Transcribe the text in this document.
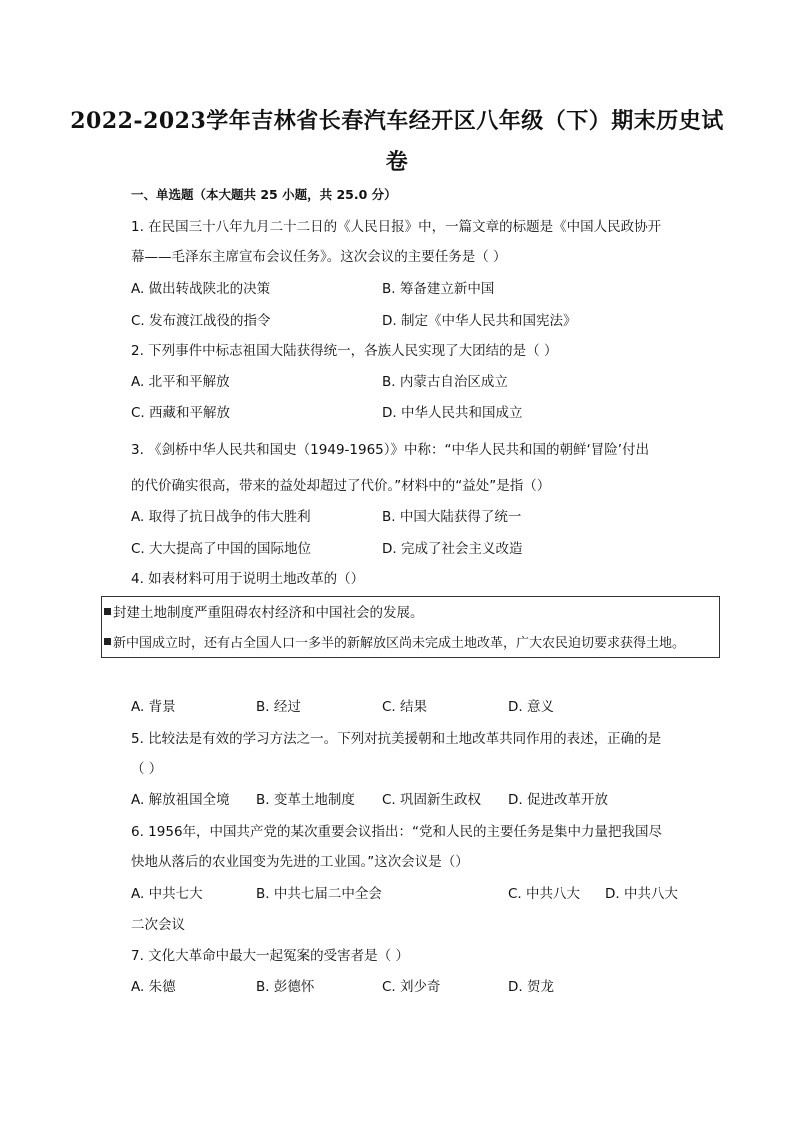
2022-2023学年吉林省长春汽车经开区八年级（下）期末历史试
卷
一、单选题（本大题共 25 小题，共 25.0 分）
1. 在民国三十八年九月二十二日的《人民日报》中，一篇文章的标题是《中国人民政协开
幕——毛泽东主席宣布会议任务》。这次会议的主要任务是（ ）
A. 做出转战陕北的决策	B. 筹备建立新中国
C. 发布渡江战役的指令	D. 制定《中华人民共和国宪法》
2. 下列事件中标志祖国大陆获得统一，各族人民实现了大团结的是（ ）
A. 北平和平解放	B. 内蒙古自治区成立
C. 西藏和平解放	D. 中华人民共和国成立
3. 《剑桥中华人民共和国史（1949-1965）》中称：“中华人民共和国的朝鲜‘冒险’付出
的代价确实很高，带来的益处却超过了代价。”材料中的“益处”是指（）
A. 取得了抗日战争的伟大胜利	B. 中国大陆获得了统一
C. 大大提高了中国的国际地位	D. 完成了社会主义改造
4. 如表材料可用于说明土地改革的（）
封建土地制度严重阻碍农村经济和中国社会的发展。
新中国成立时，还有占全国人口一多半的新解放区尚未完成土地改革，广大农民迫切要求获得土地。
A. 背景	B. 经过	C. 结果	D. 意义
5. 比较法是有效的学习方法之一。下列对抗美援朝和土地改革共同作用的表述，正确的是
（ ）
A. 解放祖国全境 B. 变革土地制度 C. 巩固新生政权 D. 促进改革开放
6. 1956年，中国共产党的某次重要会议指出：“党和人民的主要任务是集中力量把我国尽
快地从落后的农业国变为先进的工业国。”这次会议是（）
A. 中共七大	B. 中共七届二中全会	C. 中共八大 D. 中共八大
二次会议
7. 文化大革命中最大一起冤案的受害者是（ ）
A. 朱德	B. 彭德怀	C. 刘少奇	D. 贺龙
